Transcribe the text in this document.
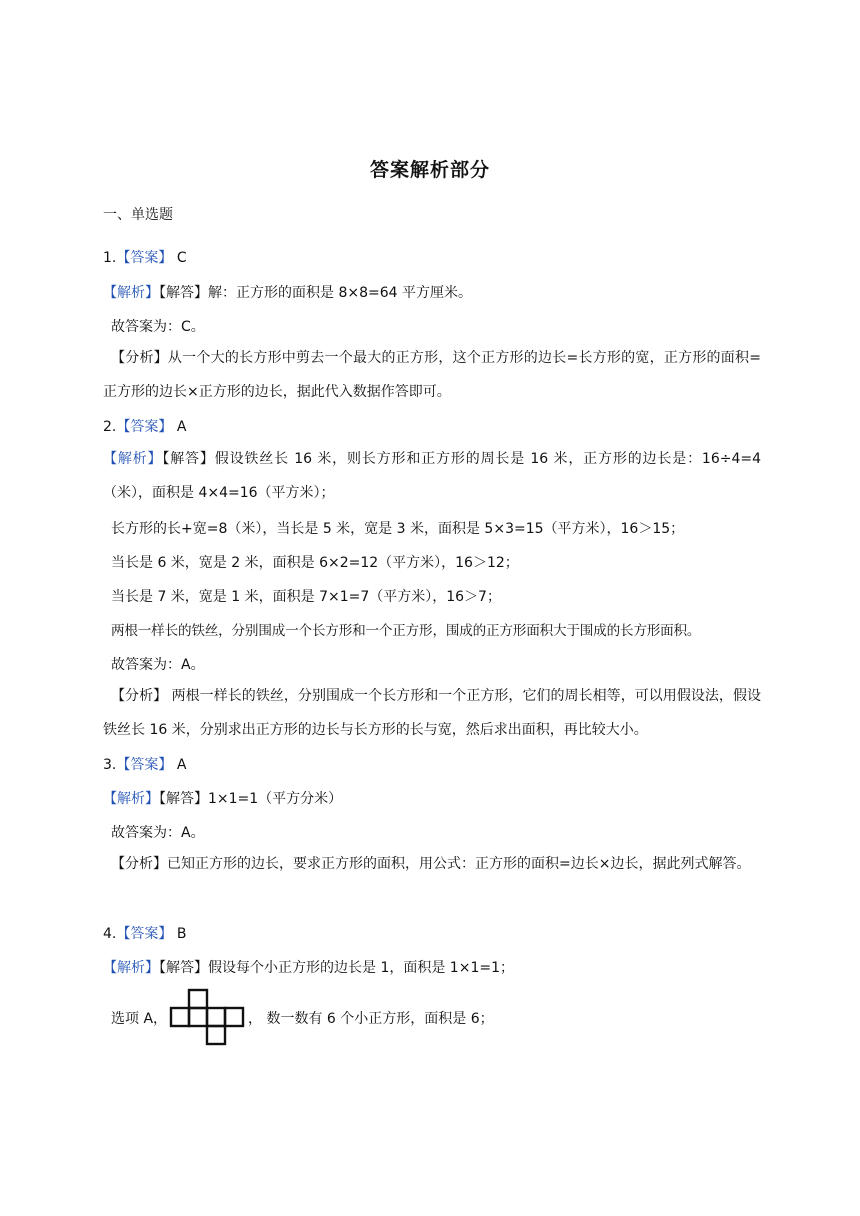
答案解析部分
一、单选题
1.【答案】 C
【解析】【解答】解：正方形的面积是 8×8=64 平方厘米。
故答案为：C。
【分析】从一个大的长方形中剪去一个最大的正方形，这个正方形的边长=长方形的宽，正方形的面积=正方形的边长×正方形的边长，据此代入数据作答即可。
2.【答案】 A
【解析】【解答】假设铁丝长 16 米，则长方形和正方形的周长是 16 米，正方形的边长是：16÷4=4（米），面积是 4×4=16（平方米）；
长方形的长+宽=8（米），当长是 5 米，宽是 3 米，面积是 5×3=15（平方米），16＞15；
当长是 6 米，宽是 2 米，面积是 6×2=12（平方米），16＞12；
当长是 7 米，宽是 1 米，面积是 7×1=7（平方米），16＞7；
两根一样长的铁丝，分别围成一个长方形和一个正方形，围成的正方形面积大于围成的长方形面积。
故答案为：A。
【分析】 两根一样长的铁丝，分别围成一个长方形和一个正方形，它们的周长相等，可以用假设法，假设铁丝长 16 米，分别求出正方形的边长与长方形的长与宽，然后求出面积，再比较大小。
3.【答案】 A
【解析】【解答】1×1=1（平方分米）
故答案为：A。
【分析】已知正方形的边长，要求正方形的面积，用公式：正方形的面积=边长×边长，据此列式解答。
4.【答案】 B
【解析】【解答】假设每个小正方形的边长是 1，面积是 1×1=1；
选项 A，	， 数一数有 6 个小正方形，面积是 6；
